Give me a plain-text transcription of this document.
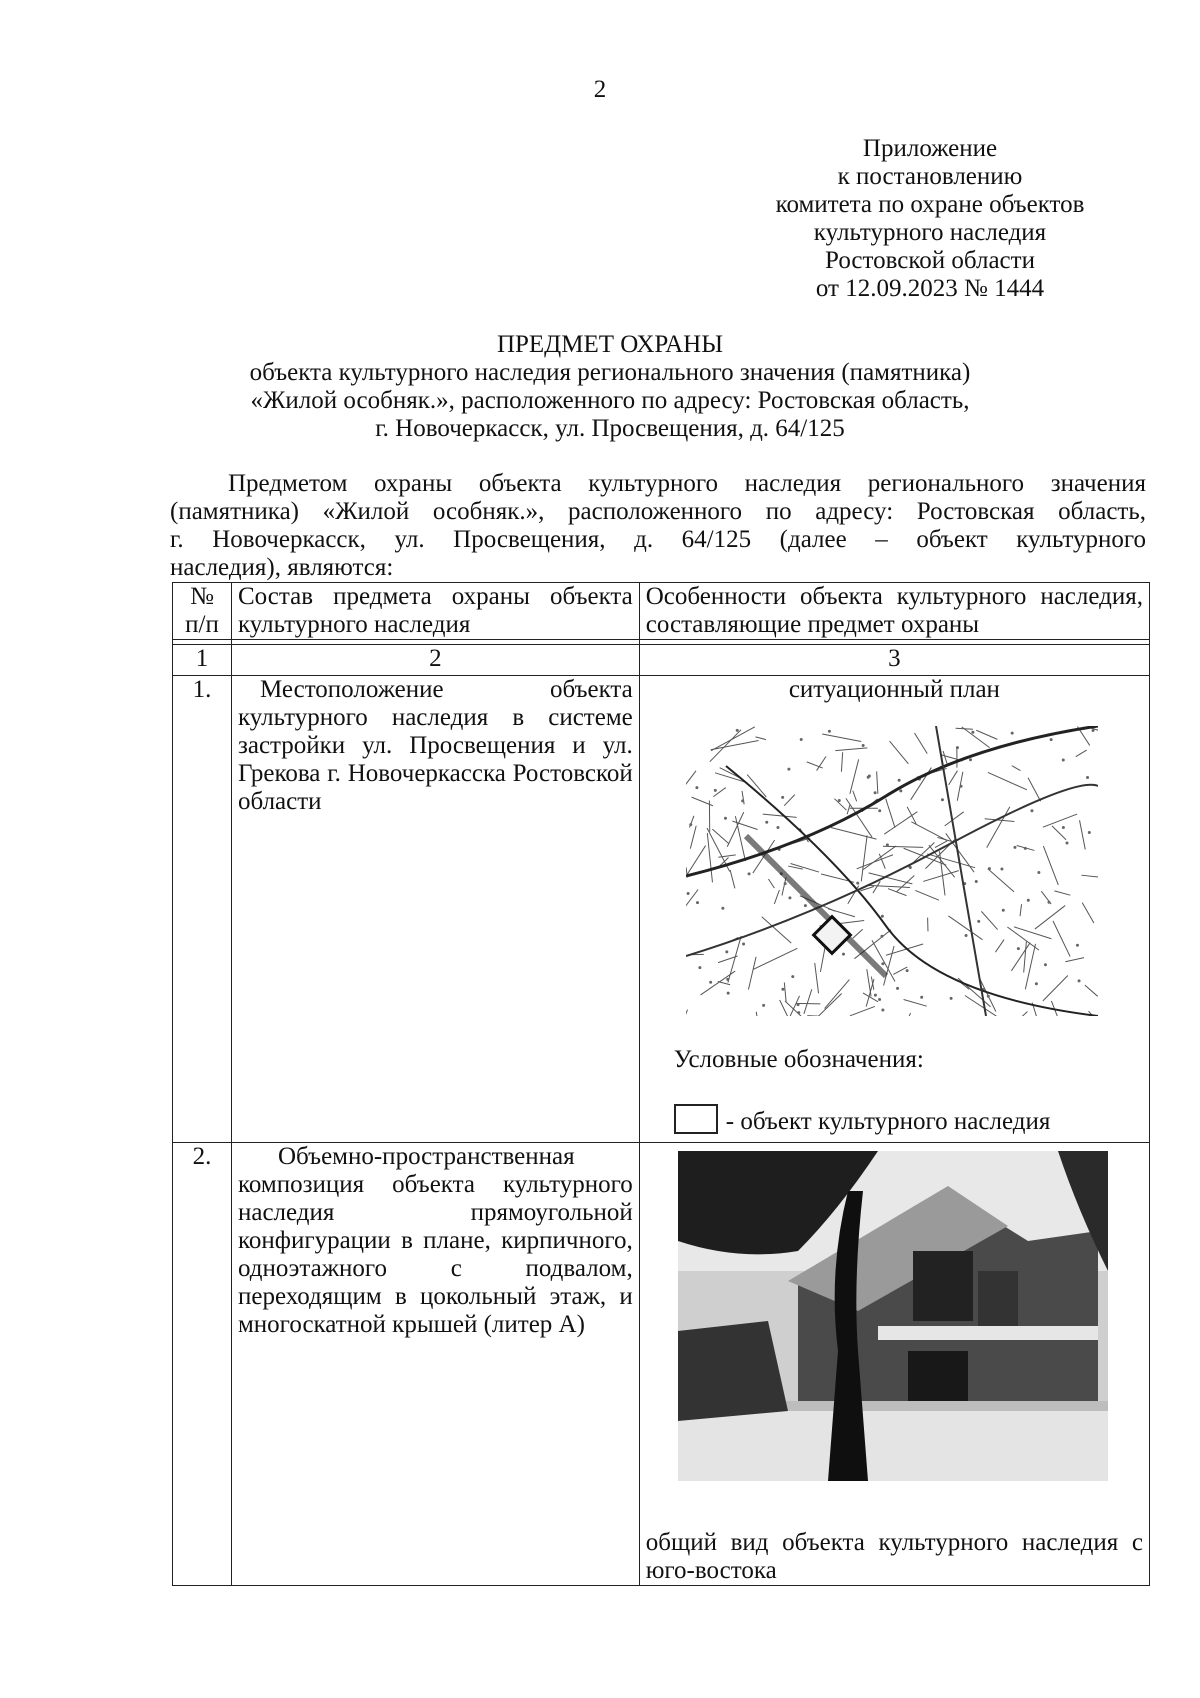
2
Приложение
к постановлению
комитета по охране объектов
культурного наследия
Ростовской области
от 12.09.2023 № 1444
ПРЕДМЕТ ОХРАНЫ
объекта культурного наследия регионального значения (памятника)
«Жилой особняк.», расположенного по адресу: Ростовская область,
г. Новочеркасск, ул. Просвещения, д. 64/125
Предметом охраны объекта культурного наследия регионального значения
(памятника) «Жилой особняк.», расположенного по адресу: Ростовская область,
г. Новочеркасск, ул. Просвещения, д. 64/125 (далее – объект культурного
наследия), являются:
№ п/п	Состав предмета охраны объекта культурного наследия	Особенности объекта культурного наследия, составляющие предмет охраны

1	2	3
1.	Местоположение объекта культурного наследия в системе застройки ул. Просвещения и ул. Грекова г. Новочеркасска Ростовской области	ситуационный план
Условные обозначения:
- объект культурного наследия

2.	Объемно-пространственная композиция объекта культурного наследия прямоугольной конфигурации в плане, кирпичного, одноэтажного с подвалом, переходящим в цокольный этаж, и многоскатной крышей (литер А)	общий вид объекта культурного наследия с юго-востока
